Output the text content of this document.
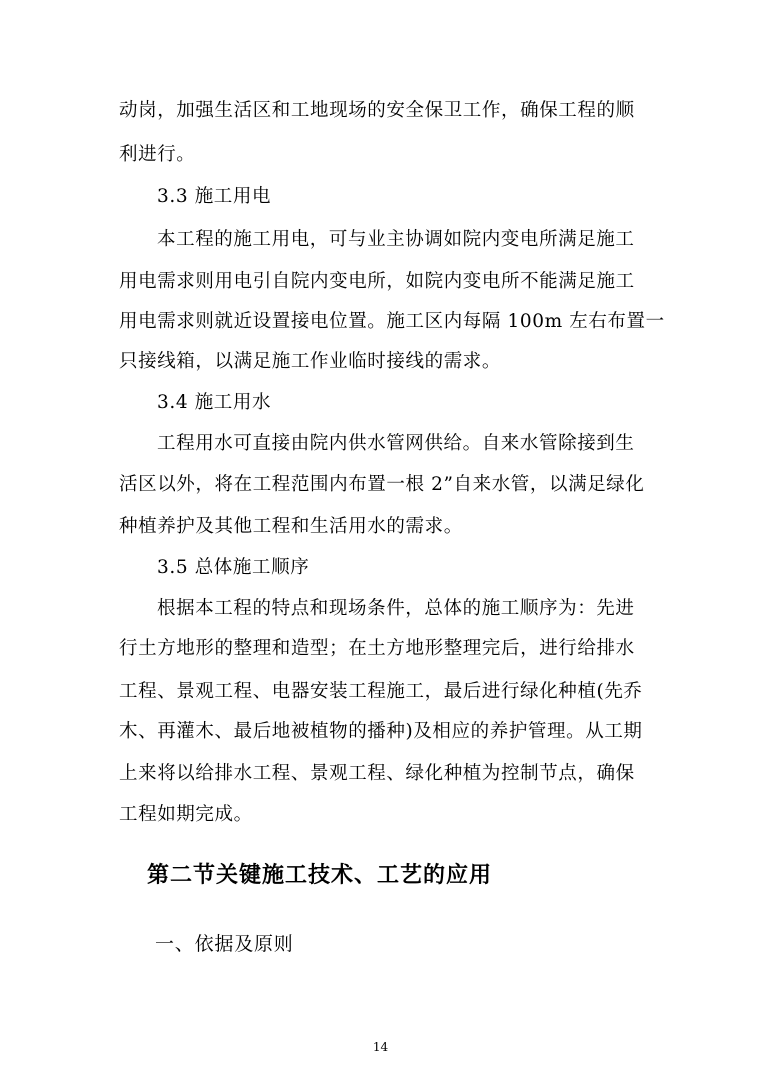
动岗，加强生活区和工地现场的安全保卫工作，确保工程的顺
利进行。
3.3 施工用电
本工程的施工用电，可与业主协调如院内变电所满足施工
用电需求则用电引自院内变电所，如院内变电所不能满足施工
用电需求则就近设置接电位置。施工区内每隔 100m 左右布置一
只接线箱，以满足施工作业临时接线的需求。
3.4 施工用水
工程用水可直接由院内供水管网供给。自来水管除接到生
活区以外，将在工程范围内布置一根 2”自来水管，以满足绿化
种植养护及其他工程和生活用水的需求。
3.5 总体施工顺序
根据本工程的特点和现场条件，总体的施工顺序为：先进
行土方地形的整理和造型；在土方地形整理完后，进行给排水
工程、景观工程、电器安装工程施工，最后进行绿化种植(先乔
木、再灌木、最后地被植物的播种)及相应的养护管理。从工期
上来将以给排水工程、景观工程、绿化种植为控制节点，确保
工程如期完成。
第二节关键施工技术、工艺的应用
一、依据及原则
14
